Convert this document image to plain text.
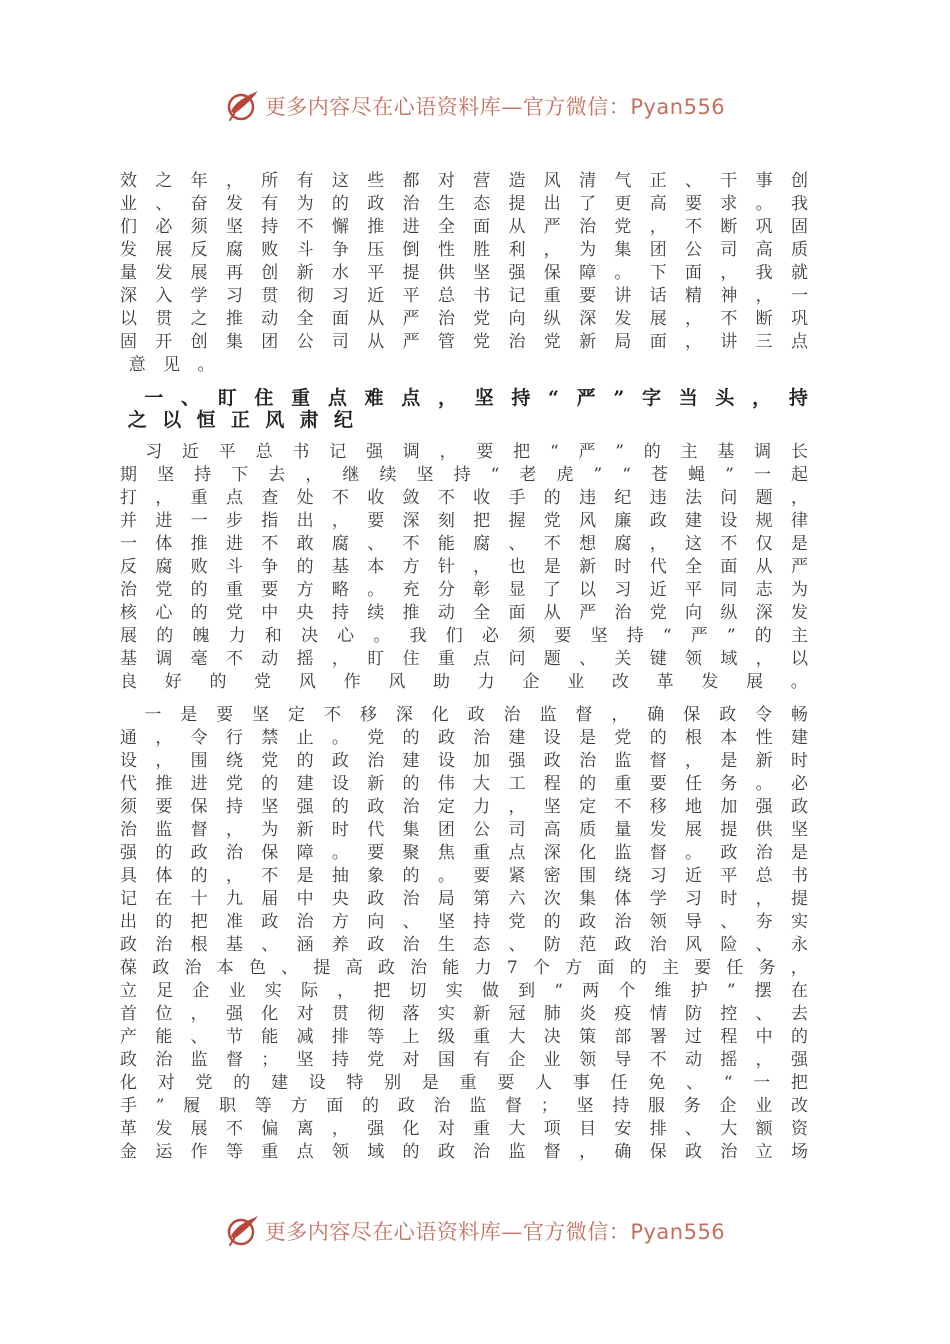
更多内容尽在心语资料库—官方微信：Pyan556
效 之 年 ， 所 有 这 些 都 对 营 造 风 清 气 正 、 干 事 创
业 、 奋 发 有 为 的 政 治 生 态 提 出 了 更 高 要 求 。 我
们 必 须 坚 持 不 懈 推 进 全 面 从 严 治 党 ， 不 断 巩 固
发 展 反 腐 败 斗 争 压 倒 性 胜 利 ， 为 集 团 公 司 高 质
量 发 展 再 创 新 水 平 提 供 坚 强 保 障 。 下 面 ， 我 就
深 入 学 习 贯 彻 习 近 平 总 书 记 重 要 讲 话 精 神 ， 一
以 贯 之 推 动 全 面 从 严 治 党 向 纵 深 发 展 ， 不 断 巩
固 开 创 集 团 公 司 从 严 管 党 治 党 新 局 面 ， 讲 三 点
意	见	。

一 、 盯 住 重 点 难 点 ， 坚 持 “ 严 ” 字 当 头 ， 持
之 以 恒 正 风 肃 纪

习 近 平 总 书 记 强 调 ， 要 把 “ 严 ” 的 主 基 调 长
期 坚 持 下 去 ， 继 续 坚 持 “ 老 虎 ” “ 苍 蝇 ” 一 起
打 ， 重 点 查 处 不 收 敛 不 收 手 的 违 纪 违 法 问 题 ，
并 进 一 步 指 出 ， 要 深 刻 把 握 党 风 廉 政 建 设 规 律
一 体 推 进 不 敢 腐 、 不 能 腐 、 不 想 腐 ， 这 不 仅 是
反 腐 败 斗 争 的 基 本 方 针 ， 也 是 新 时 代 全 面 从 严
治 党 的 重 要 方 略 。 充 分 彰 显 了 以 习 近 平 同 志 为
核 心 的 党 中 央 持 续 推 动 全 面 从 严 治 党 向 纵 深 发
展 的 魄 力 和 决 心 。 我 们 必 须 要 坚 持 “ 严 ” 的 主
基 调 毫 不 动 摇 ， 盯 住 重 点 问 题 、 关 键 领 域 ， 以
良 好 的 党 风 作 风 助 力 企 业 改 革 发 展 。

一 是 要 坚 定 不 移 深 化 政 治 监 督 ， 确 保 政 令 畅
通 ， 令 行 禁 止 。 党 的 政 治 建 设 是 党 的 根 本 性 建
设 ， 围 绕 党 的 政 治 建 设 加 强 政 治 监 督 ， 是 新 时
代 推 进 党 的 建 设 新 的 伟 大 工 程 的 重 要 任 务 。 必
须 要 保 持 坚 强 的 政 治 定 力 ， 坚 定 不 移 地 加 强 政
治 监 督 ， 为 新 时 代 集 团 公 司 高 质 量 发 展 提 供 坚
强 的 政 治 保 障 。 要 聚 焦 重 点 深 化 监 督 。 政 治 是
具 体 的 ， 不 是 抽 象 的 。 要 紧 密 围 绕 习 近 平 总 书
记 在 十 九 届 中 央 政 治 局 第 六 次 集 体 学 习 时 ， 提
出 的 把 准 政 治 方 向 、 坚 持 党 的 政 治 领 导 、 夯 实
政 治 根 基 、 涵 养 政 治 生 态 、 防 范 政 治 风 险 、 永
葆 政 治 本 色 、 提 高 政 治 能 力 7 个 方 面 的 主 要 任 务 ，
立 足 企 业 实 际 ， 把 切 实 做 到 “ 两 个 维 护 ” 摆 在
首 位 ， 强 化 对 贯 彻 落 实 新 冠 肺 炎 疫 情 防 控 、 去
产 能 、 节 能 减 排 等 上 级 重 大 决 策 部 署 过 程 中 的
政 治 监 督 ； 坚 持 党 对 国 有 企 业 领 导 不 动 摇 ， 强
化 对 党 的 建 设 特 别 是 重 要 人 事 任 免 、 “ 一 把
手 ” 履 职 等 方 面 的 政 治 监 督 ； 坚 持 服 务 企 业 改
革 发 展 不 偏 离 ， 强 化 对 重 大 项 目 安 排 、 大 额 资
金 运 作 等 重 点 领 域 的 政 治 监 督 ， 确 保 政 治 立 场
更多内容尽在心语资料库—官方微信：Pyan556
